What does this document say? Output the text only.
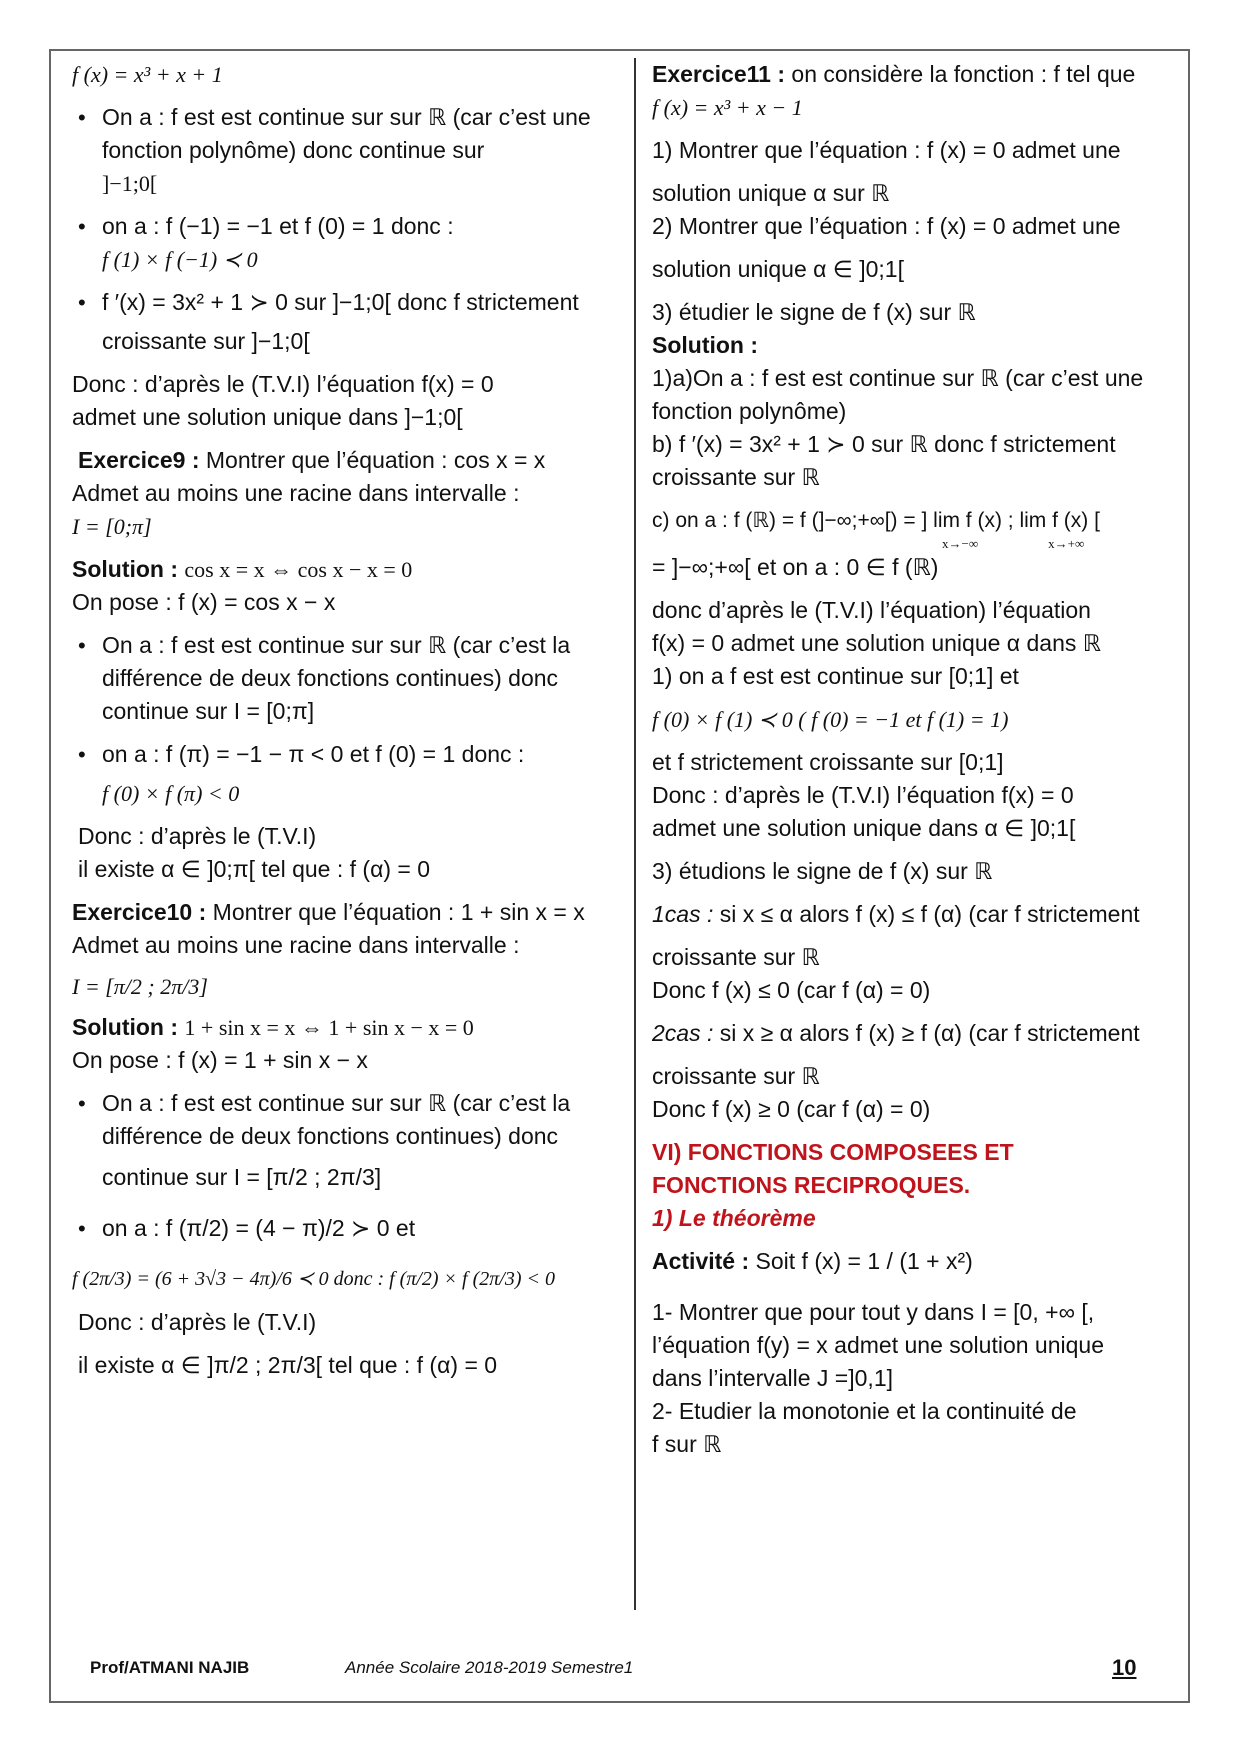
f (x) = x³ + x + 1

• On a : f est est continue sur sur ℝ (car c’est une fonction polynôme) donc continue sur

]−1;0[

• on a : f (−1) = −1 et f (0) = 1 donc :

f (1) × f (−1) ≺ 0

• f ′(x) = 3x² + 1 ≻ 0 sur ]−1;0[ donc f strictement

croissante sur ]−1;0[

Donc : d’après le (T.V.I) l’équation f(x) = 0

admet une solution unique dans ]−1;0[

Exercice9 : Montrer que l’équation : cos x = x

Admet au moins une racine dans intervalle :

I = [0;π]

Solution : cos x = x ⇔ cos x − x = 0

On pose : f (x) = cos x − x

• On a : f est est continue sur sur ℝ (car c’est la différence de deux fonctions continues) donc continue sur I = [0;π]

• on a : f (π) = −1 − π < 0 et f (0) = 1 donc :

f (0) × f (π) < 0

Donc : d’après le (T.V.I)

il existe α ∈ ]0;π[ tel que : f (α) = 0

Exercice10 : Montrer que l’équation : 1 + sin x = x

Admet au moins une racine dans intervalle :

I = [π/2 ; 2π/3]

Solution : 1 + sin x = x ⇔ 1 + sin x − x = 0

On pose : f (x) = 1 + sin x − x

• On a : f est est continue sur sur ℝ (car c’est la différence de deux fonctions continues) donc

continue sur I = [π/2 ; 2π/3]

• on a : f (π/2) = (4 − π)/2 ≻ 0 et

f (2π/3) = (6 + 3√3 − 4π)/6 ≺ 0 donc : f (π/2) × f (2π/3) < 0

Donc : d’après le (T.V.I)

il existe α ∈ ]π/2 ; 2π/3[ tel que : f (α) = 0

Exercice11 : on considère la fonction : f tel que

f (x) = x³ + x − 1

1) Montrer que l’équation : f (x) = 0 admet une

solution unique α sur ℝ

2) Montrer que l’équation : f (x) = 0 admet une

solution unique α ∈ ]0;1[

3) étudier le signe de f (x) sur ℝ

Solution :

1)a)On a : f est est continue sur ℝ (car c’est une fonction polynôme)

b) f ′(x) = 3x² + 1 ≻ 0 sur ℝ donc f strictement

croissante sur ℝ

c) on a : f (ℝ) = f (]−∞;+∞[) = ] lim f (x) ; lim f (x) [

x→−∞	x→+∞

= ]−∞;+∞[ et on a : 0 ∈ f (ℝ)

donc d’après le (T.V.I) l’équation) l’équation

f(x) = 0 admet une solution unique α dans ℝ

1) on a f est est continue sur [0;1] et

f (0) × f (1) ≺ 0 ( f (0) = −1 et f (1) = 1)

et f strictement croissante sur [0;1]

Donc : d’après le (T.V.I) l’équation f(x) = 0

admet une solution unique dans α ∈ ]0;1[

3) étudions le signe de f (x) sur ℝ

1cas : si x ≤ α alors f (x) ≤ f (α) (car f strictement

croissante sur ℝ

Donc f (x) ≤ 0 (car f (α) = 0)

2cas : si x ≥ α alors f (x) ≥ f (α) (car f strictement

croissante sur ℝ

Donc f (x) ≥ 0 (car f (α) = 0)

VI) FONCTIONS COMPOSEES ET

FONCTIONS RECIPROQUES.

1) Le théorème

Activité : Soit f (x) = 1 / (1 + x²)

1- Montrer que pour tout y dans I = [0, +∞ [,

l’équation f(y) = x admet une solution unique

dans l’intervalle J =]0,1]

2- Etudier la monotonie et la continuité de

f sur ℝ

Prof/ATMANI NAJIB	Année Scolaire 2018-2019 Semestre1	10
